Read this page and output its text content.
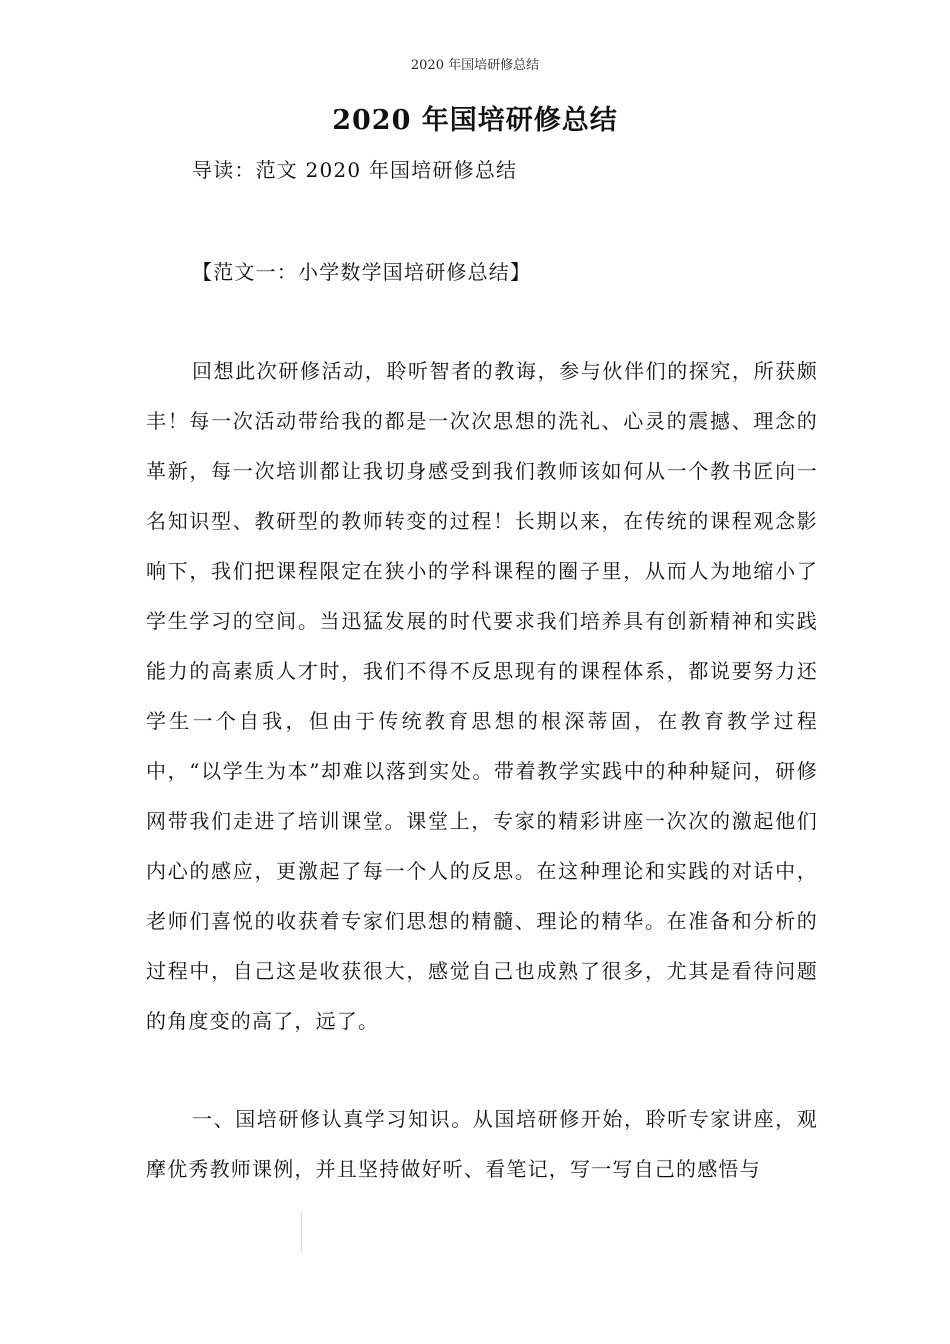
2020 年国培研修总结
2020 年国培研修总结
导读：范文 2020 年国培研修总结
【范文一：小学数学国培研修总结】

回想此次研修活动，聆听智者的教诲，参与伙伴们的探究，所获颇丰！每一次活动带给我的都是一次次思想的洗礼、心灵的震撼、理念的革新，每一次培训都让我切身感受到我们教师该如何从一个教书匠向一名知识型、教研型的教师转变的过程！长期以来，在传统的课程观念影响下，我们把课程限定在狭小的学科课程的圈子里，从而人为地缩小了学生学习的空间。当迅猛发展的时代要求我们培养具有创新精神和实践能力的高素质人才时，我们不得不反思现有的课程体系，都说要努力还学生一个自我，但由于传统教育思想的根深蒂固，在教育教学过程中，“以学生为本”却难以落到实处。带着教学实践中的种种疑问，研修网带我们走进了培训课堂。课堂上，专家的精彩讲座一次次的激起他们内心的感应，更激起了每一个人的反思。在这种理论和实践的对话中，老师们喜悦的收获着专家们思想的精髓、理论的精华。在准备和分析的过程中，自己这是收获很大，感觉自己也成熟了很多，尤其是看待问题的角度变的高了，远了。

一、国培研修认真学习知识。从国培研修开始，聆听专家讲座，观摩优秀教师课例，并且坚持做好听、看笔记，写一写自己的感悟与
